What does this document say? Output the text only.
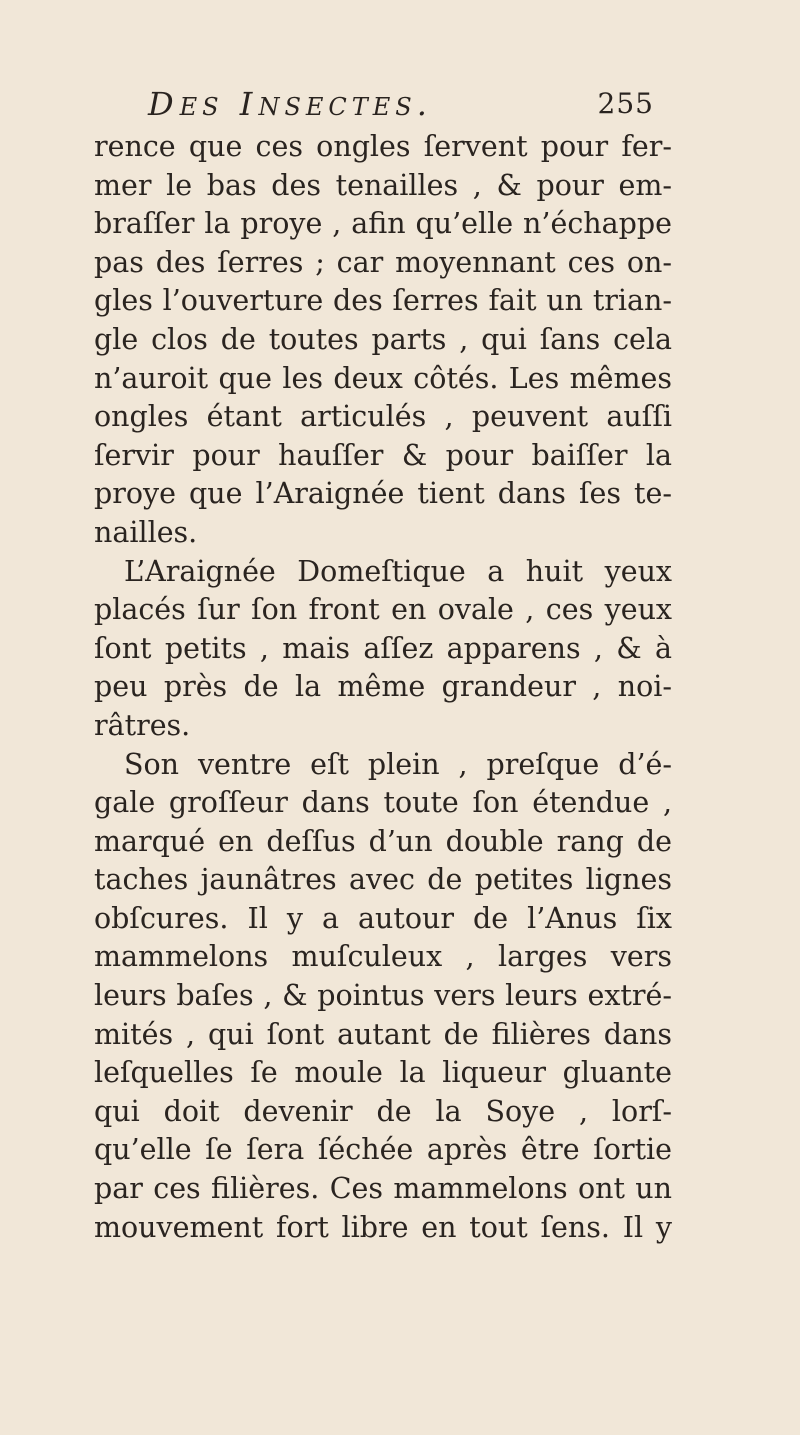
DES INSECTES.	255
rence que ces ongles ſervent pour fer-
mer le bas des tenailles , & pour em-
braſſer la proye , afin qu’elle n’échappe
pas des ſerres ; car moyennant ces on-
gles l’ouverture des ſerres fait un trian-
gle clos de toutes parts , qui ſans cela
n’auroit que les deux côtés. Les mêmes
ongles étant articulés , peuvent auſſi
ſervir pour hauſſer & pour baiſſer la
proye que l’Araignée tient dans ſes te-
nailles.
L’Araignée Domeſtique a huit yeux
placés ſur ſon front en ovale , ces yeux
ſont petits , mais aſſez apparens , & à
peu près de la même grandeur , noi-
râtres.
Son ventre eſt plein , preſque d’é-
gale groſſeur dans toute ſon étendue ,
marqué en deſſus d’un double rang de
taches jaunâtres avec de petites lignes
obſcures. Il y a autour de l’Anus ſix
mammelons muſculeux , larges vers
leurs baſes , & pointus vers leurs extré-
mités , qui ſont autant de filières dans
leſquelles ſe moule la liqueur gluante
qui doit devenir de la Soye , lorſ-
qu’elle ſe ſera ſéchée après être ſortie
par ces filières. Ces mammelons ont un
mouvement fort libre en tout ſens. Il y
